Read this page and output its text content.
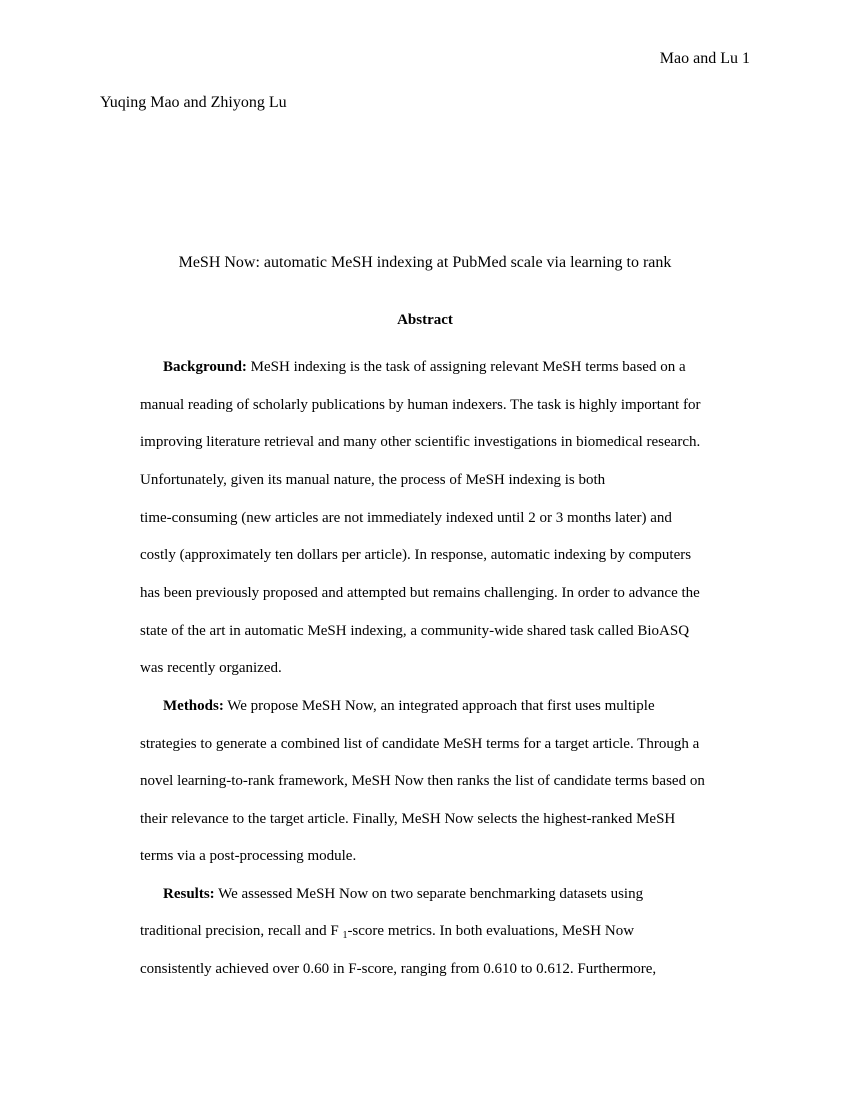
Mao and Lu 1
Yuqing Mao and Zhiyong Lu
MeSH Now: automatic MeSH indexing at PubMed scale via learning to rank
Abstract
Background: MeSH indexing is the task of assigning relevant MeSH terms based on a
manual reading of scholarly publications by human indexers. The task is highly important for
improving literature retrieval and many other scientific investigations in biomedical research.
Unfortunately, given its manual nature, the process of MeSH indexing is both
time-consuming (new articles are not immediately indexed until 2 or 3 months later) and
costly (approximately ten dollars per article). In response, automatic indexing by computers
has been previously proposed and attempted but remains challenging. In order to advance the
state of the art in automatic MeSH indexing, a community-wide shared task called BioASQ
was recently organized.
Methods: We propose MeSH Now, an integrated approach that first uses multiple
strategies to generate a combined list of candidate MeSH terms for a target article. Through a
novel learning-to-rank framework, MeSH Now then ranks the list of candidate terms based on
their relevance to the target article. Finally, MeSH Now selects the highest-ranked MeSH
terms via a post-processing module.
Results: We assessed MeSH Now on two separate benchmarking datasets using
traditional precision, recall and F $_1$-score metrics. In both evaluations, MeSH Now
consistently achieved over 0.60 in F-score, ranging from 0.610 to 0.612. Furthermore,
